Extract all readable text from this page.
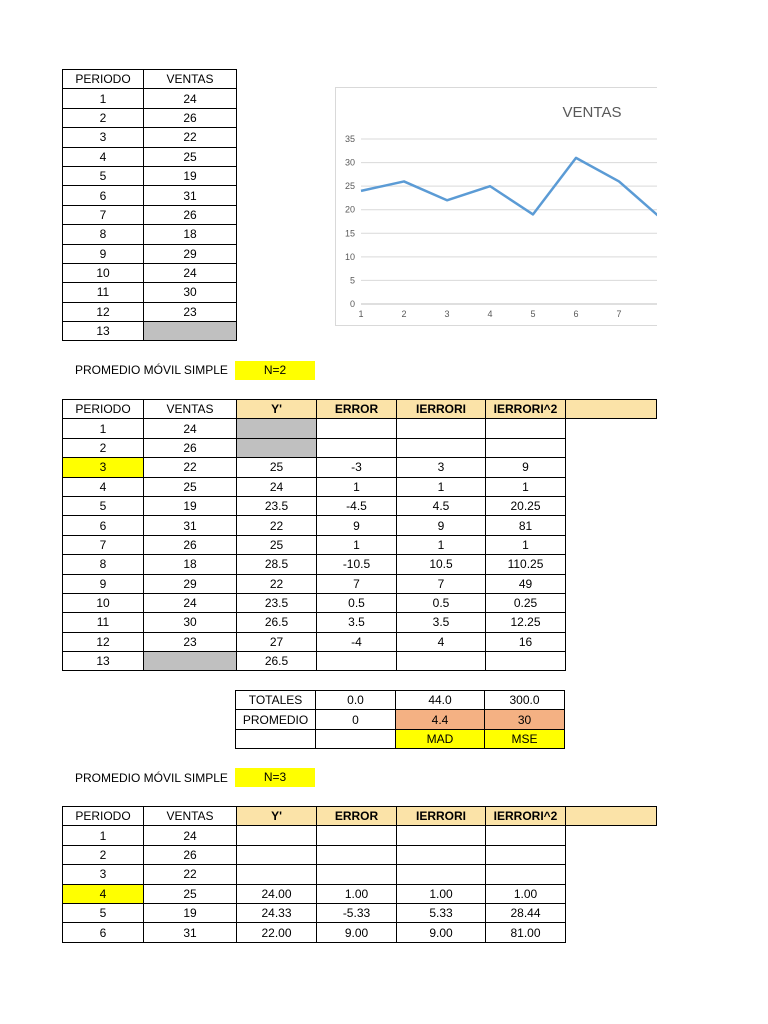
PERIODO	VENTAS
1	24
2	26
3	22
4	25
5	19
6	31
7	26
8	18
9	29
10	24
11	30
12	23
13	
VENTAS
0
5
10
15
20
25
30
35
1	2	3	4	5	6	7
PROMEDIO MÓVIL SIMPLE	N=2
PERIODO	VENTAS	Y'	ERROR	IERRORI	IERRORI^2	
1	24					
2	26					
3	22	25	-3	3	9	
4	25	24	1	1	1	
5	19	23.5	-4.5	4.5	20.25	
6	31	22	9	9	81	
7	26	25	1	1	1	
8	18	28.5	-10.5	10.5	110.25	
9	29	22	7	7	49	
10	24	23.5	0.5	0.5	0.25	
11	30	26.5	3.5	3.5	12.25	
12	23	27	-4	4	16	
13		26.5				
TOTALES	0.0	44.0	300.0
PROMEDIO	0	4.4	30
		MAD	MSE
PROMEDIO MÓVIL SIMPLE	N=3
PERIODO	VENTAS	Y'	ERROR	IERRORI	IERRORI^2	
1	24					
2	26					
3	22					
4	25	24.00	1.00	1.00	1.00	
5	19	24.33	-5.33	5.33	28.44	
6	31	22.00	9.00	9.00	81.00	
